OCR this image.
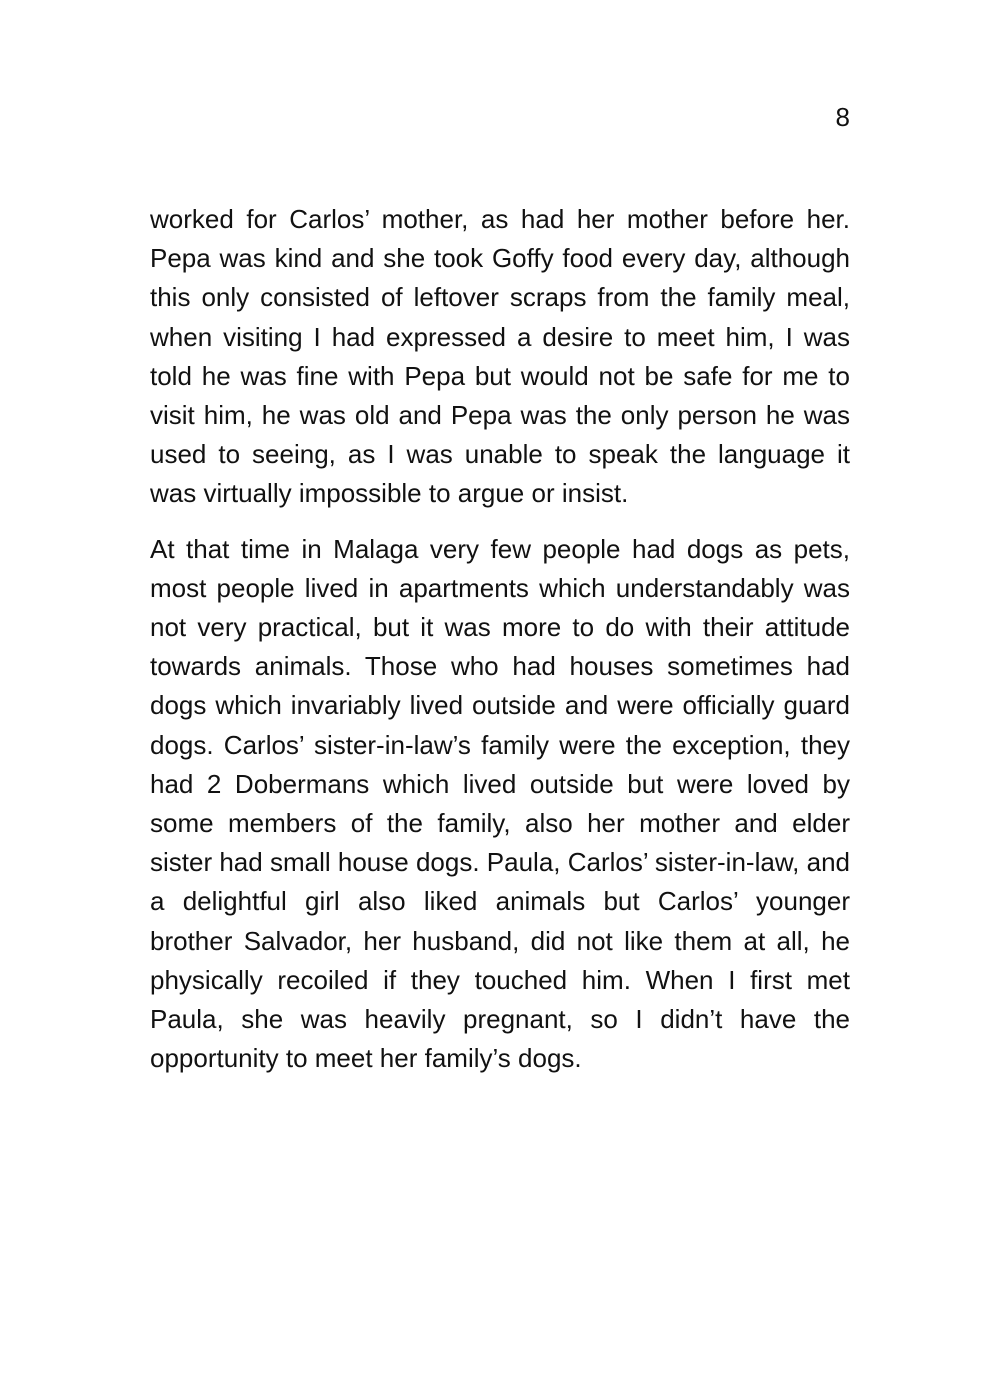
8

worked for Carlos’ mother, as had her mother before her. Pepa was kind and she took Goffy food every day, although this only consisted of leftover scraps from the family meal, when visiting I had expressed a desire to meet him, I was told he was fine with Pepa but would not be safe for me to visit him, he was old and Pepa was the only person he was used to seeing, as I was unable to speak the language it was virtually impossible to argue or insist.

At that time in Malaga very few people had dogs as pets, most people lived in apartments which understandably was not very practical, but it was more to do with their attitude towards animals. Those who had houses sometimes had dogs which invariably lived outside and were officially guard dogs. Carlos’ sister-in-law’s family were the exception, they had 2 Dobermans which lived outside but were loved by some members of the family, also her mother and elder sister had small house dogs. Paula, Carlos’ sister-in-law, and a delightful girl also liked animals but Carlos’ younger brother Salvador, her husband, did not like them at all, he physically recoiled if they touched him. When I first met Paula, she was heavily pregnant, so I didn’t have the opportunity to meet her family’s dogs.
